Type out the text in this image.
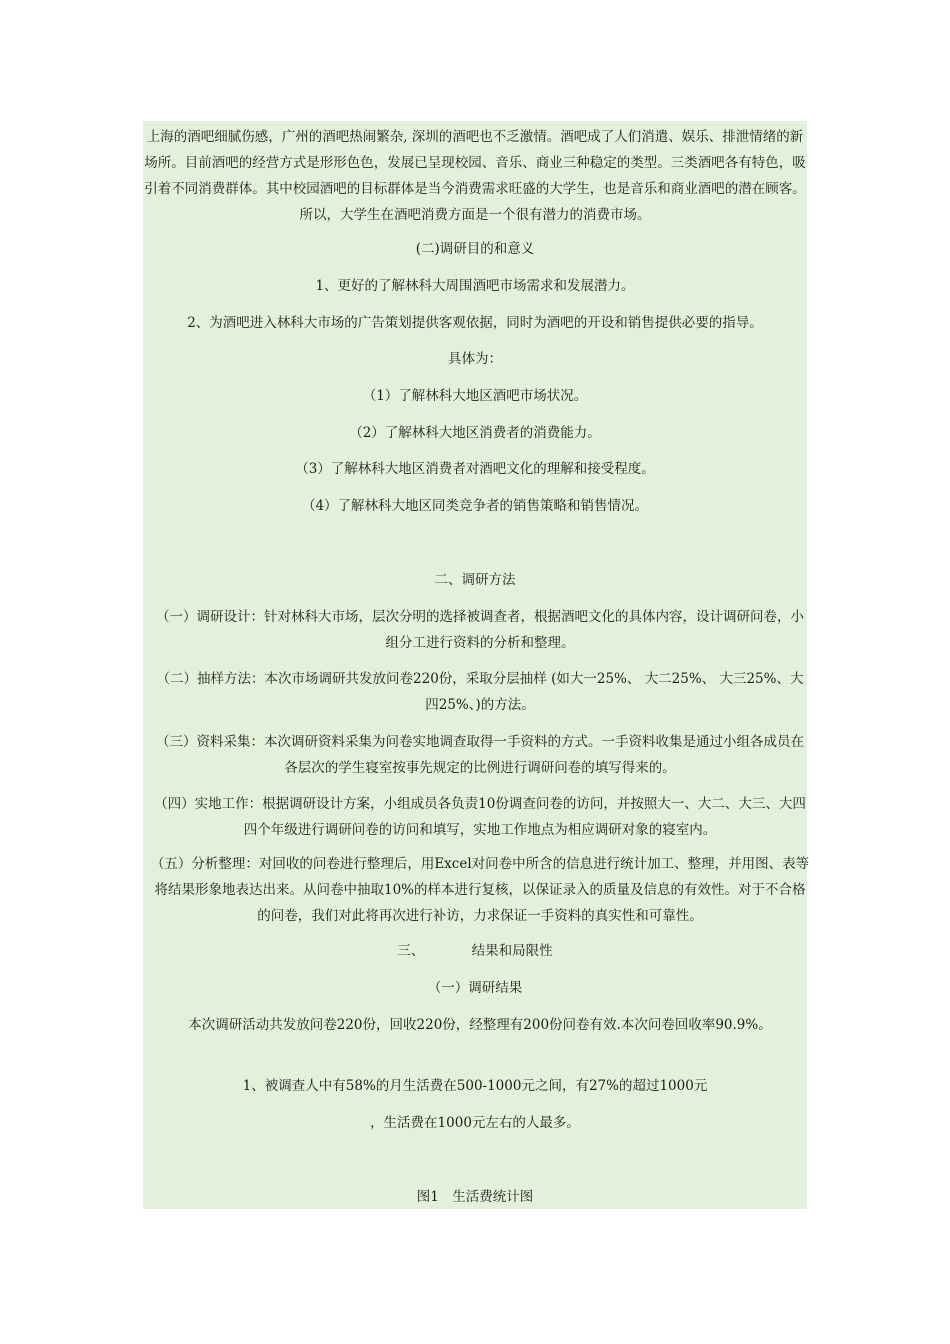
上海的酒吧细腻伤感，广州的酒吧热闹繁杂, 深圳的酒吧也不乏激情。酒吧成了人们消遣、娱乐、排泄情绪的新场所。目前酒吧的经营方式是形形色色，发展已呈现校园、音乐、商业三种稳定的类型。三类酒吧各有特色，吸引着不同消费群体。其中校园酒吧的目标群体是当今消费需求旺盛的大学生，也是音乐和商业酒吧的潜在顾客。所以，大学生在酒吧消费方面是一个很有潜力的消费市场。

(二)调研目的和意义

1、更好的了解林科大周围酒吧市场需求和发展潜力。

2、为酒吧进入林科大市场的广告策划提供客观依据，同时为酒吧的开设和销售提供必要的指导。

具体为：

（1）了解林科大地区酒吧市场状况。

（2）了解林科大地区消费者的消费能力。

（3）了解林科大地区消费者对酒吧文化的理解和接受程度。

（4）了解林科大地区同类竞争者的销售策略和销售情况。

二、调研方法

（一）调研设计：针对林科大市场，层次分明的选择被调查者，根据酒吧文化的具体内容，设计调研问卷，小组分工进行资料的分析和整理。

（二）抽样方法：本次市场调研共发放问卷220份，采取分层抽样 (如大一25%、 大二25%、 大三25%、大四25%、)的方法。

（三）资料采集：本次调研资料采集为问卷实地调查取得一手资料的方式。一手资料收集是通过小组各成员在各层次的学生寝室按事先规定的比例进行调研问卷的填写得来的。

（四）实地工作：根据调研设计方案，小组成员各负责10份调查问卷的访问，并按照大一、大二、大三、大四四个年级进行调研问卷的访问和填写，实地工作地点为相应调研对象的寝室内。

（五）分析整理：对回收的问卷进行整理后，用Excel对问卷中所含的信息进行统计加工、整理，并用图、表等将结果形象地表达出来。从问卷中抽取10%的样本进行复核，以保证录入的质量及信息的有效性。对于不合格的问卷，我们对此将再次进行补访，力求保证一手资料的真实性和可靠性。

三、　　　　结果和局限性

（一）调研结果

本次调研活动共发放问卷220份，回收220份，经整理有200份问卷有效.本次问卷回收率90.9%。

1、被调查人中有58%的月生活费在500-1000元之间，有27%的超过1000元

，生活费在1000元左右的人最多。

图1　生活费统计图
